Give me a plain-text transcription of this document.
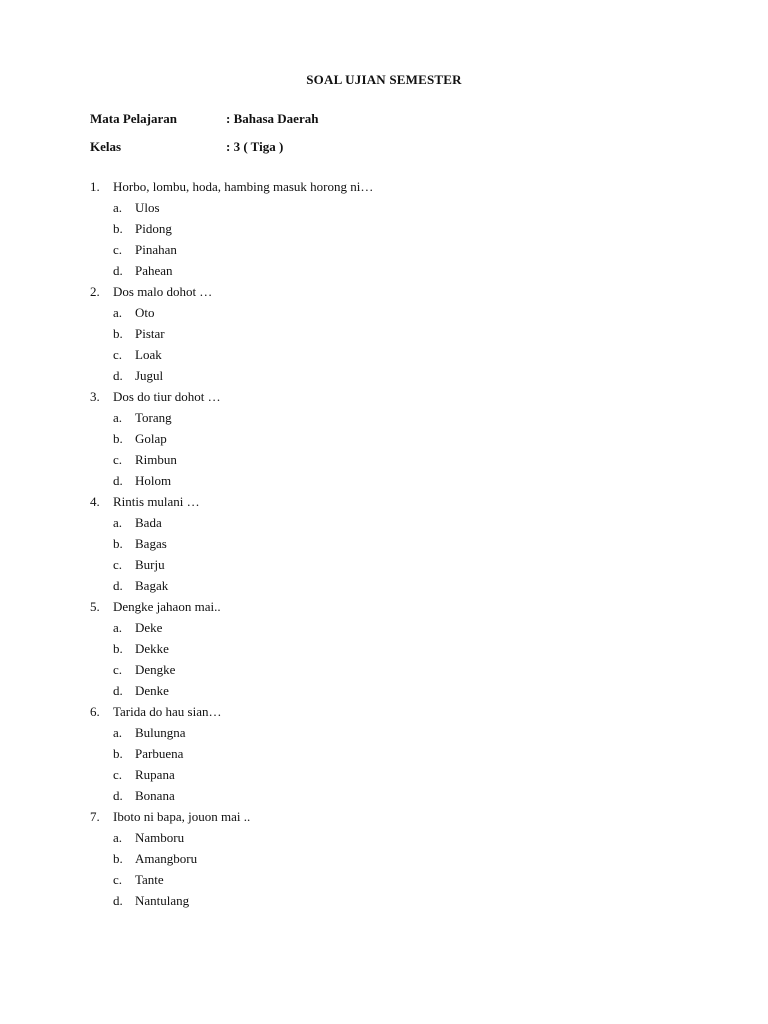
SOAL UJIAN SEMESTER
Mata Pelajaran	: Bahasa Daerah
Kelas	: 3 ( Tiga )
1. Horbo, lombu, hoda, hambing masuk horong ni…
a. Ulos
b. Pidong
c. Pinahan
d. Pahean
2. Dos malo dohot …
a. Oto
b. Pistar
c. Loak
d. Jugul
3. Dos do tiur dohot …
a. Torang
b. Golap
c. Rimbun
d. Holom
4. Rintis mulani …
a. Bada
b. Bagas
c. Burju
d. Bagak
5. Dengke jahaon mai..
a. Deke
b. Dekke
c. Dengke
d. Denke
6. Tarida do hau sian…
a. Bulungna
b. Parbuena
c. Rupana
d. Bonana
7. Iboto ni bapa, jouon mai ..
a. Namboru
b. Amangboru
c. Tante
d. Nantulang
